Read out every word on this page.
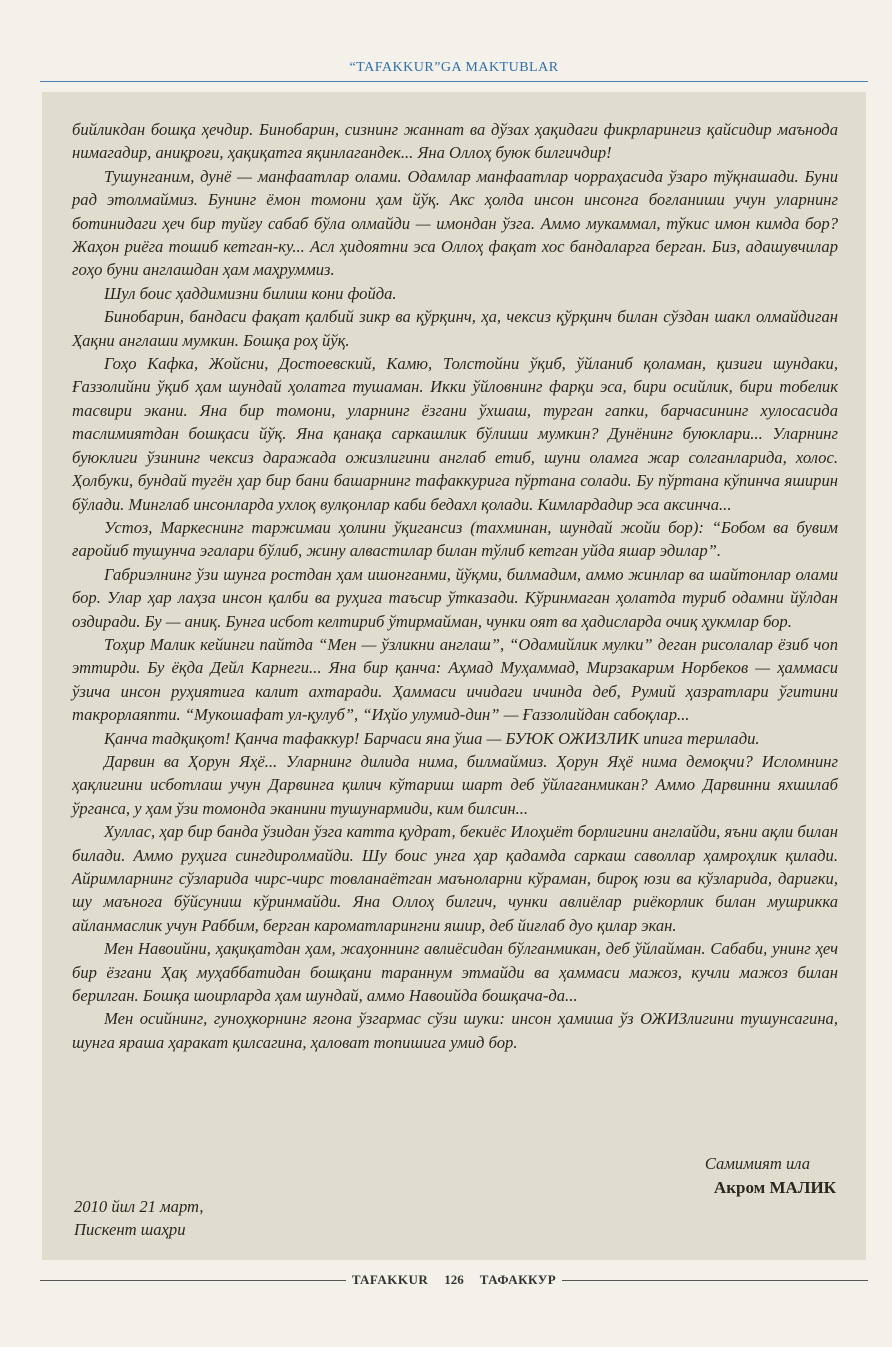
“TAFAKKUR”GA MAKTUBLAR

бийликдан бошқа ҳечдир. Бинобарин, сизнинг жаннат ва дўзах ҳақидаги фикрларингиз қайсидир маънода нимагадир, аниқроғи, ҳақиқатга яқинлагандек... Яна Оллоҳ буюк билгичдир!

Тушунганим, дунё — манфаатлар олами. Одамлар манфаатлар чорраҳасида ўзаро тўқнашади. Буни рад этолмаймиз. Бунинг ёмон томони ҳам йўқ. Акс ҳолда инсон инсонга боғланиши учун уларнинг ботинидаги ҳеч бир туйғу сабаб бўла олмайди — имондан ўзга. Аммо мукаммал, тўкис имон кимда бор? Жаҳон риёга тошиб кетган-ку... Асл ҳидоятни эса Оллоҳ фақат хос бандаларга берган. Биз, адашувчилар гоҳо буни англашдан ҳам маҳруммиз.

Шул боис ҳаддимизни билиш кони фойда.

Бинобарин, бандаси фақат қалбий зикр ва қўрқинч, ҳа, чексиз қўрқинч билан сўздан шакл олмайдиган Ҳақни англаши мумкин. Бошқа роҳ йўқ.

Гоҳо Кафка, Жойсни, Достоевский, Камю, Толстойни ўқиб, ўйланиб қоламан, қизиғи шундаки, Ғаззолийни ўқиб ҳам шундай ҳолатга тушаман. Икки ўйловнинг фарқи эса, бири осийлик, бири тобелик тасвири экани. Яна бир томони, уларнинг ёзгани ўхшаш, турган гапки, барчасининг хулосасида таслимиятдан бошқаси йўқ. Яна қанақа саркашлик бўлиши мумкин? Дунёнинг буюклари... Уларнинг буюклиги ўзининг чексиз даражада ожизлигини англаб етиб, шуни оламга жар солганларида, холос. Ҳолбуки, бундай тугён ҳар бир бани башарнинг тафаккурига пўртана солади. Бу пўртана кўпинча яширин бўлади. Минглаб инсонларда ухлоқ вулқонлар каби бедахл қолади. Кимлардадир эса аксинча...

Устоз, Маркеснинг таржимаи ҳолини ўқигансиз (тахминан, шундай жойи бор): “Бобом ва бувим ғаройиб тушунча эгалари бўлиб, жину алвастилар билан тўлиб кетган уйда яшар эдилар”.

Габриэлнинг ўзи шунга ростдан ҳам ишонганми, йўқми, билмадим, аммо жинлар ва шайтонлар олами бор. Улар ҳар лаҳза инсон қалби ва руҳига таъсир ўтказади. Кўринмаган ҳолатда туриб одамни йўлдан оздиради. Бу — аниқ. Бунга исбот келтириб ўтирмайман, чунки оят ва ҳадисларда очиқ ҳукмлар бор.

Тоҳир Малик кейинги пайтда “Мен — ўзликни англаш”, “Одамийлик мулки” деган рисолалар ёзиб чоп эттирди. Бу ёқда Дейл Карнеги... Яна бир қанча: Аҳмад Муҳаммад, Мирзакарим Норбеков — ҳаммаси ўзича инсон руҳиятига калит ахтаради. Ҳаммаси ичидаги ичинда деб, Румий ҳазратлари ўгитини такрорлаяпти. “Мукошафат ул-қулуб”, “Иҳйо улумид-дин” — Ғаззолийдан сабоқлар...

Қанча тадқиқот! Қанча тафаккур! Барчаси яна ўша — БУЮК ОЖИЗЛИК ипига терилади.

Дарвин ва Ҳорун Яҳё... Уларнинг дилида нима, билмаймиз. Ҳорун Яҳё нима демоқчи? Исломнинг ҳақлигини исботлаш учун Дарвинга қилич кўтариш шарт деб ўйлаганмикан? Аммо Дарвинни яхшилаб ўрганса, у ҳам ўзи томонда эканини тушунармиди, ким билсин...

Хуллас, ҳар бир банда ўзидан ўзга катта қудрат, бекиёс Илоҳиёт борлигини англайди, яъни ақли билан билади. Аммо руҳига сингдиролмайди. Шу боис унга ҳар қадамда саркаш саволлар ҳамроҳлик қилади. Айримларнинг сўзларида чирс-чирс товланаётган маъноларни кўраман, бироқ юзи ва кўзларида, дариғки, шу маънога бўйсуниш кўринмайди. Яна Оллоҳ билгич, чунки авлиёлар риёкорлик билан мушрикка айланмаслик учун Раббим, берган кароматларингни яшир, деб йиғлаб дуо қилар экан.

Мен Навоийни, ҳақиқатдан ҳам, жаҳоннинг авлиёсидан бўлганмикан, деб ўйлайман. Сабаби, унинг ҳеч бир ёзгани Ҳақ муҳаббатидан бошқани тараннум этмайди ва ҳаммаси мажоз, кучли мажоз билан берилган. Бошқа шоирларда ҳам шундай, аммо Навоийда бошқача-да...

Мен осийнинг, гуноҳкорнинг ягона ўзгармас сўзи шуки: инсон ҳамиша ўз ОЖИЗлигини тушунсагина, шунга яраша ҳаракат қилсагина, ҳаловат топишига умид бор.

Самимият ила
Акром МАЛИК
2010 йил 21 март,
Пискент шаҳри
TAFAKKUR	126	ТАФАККУР
